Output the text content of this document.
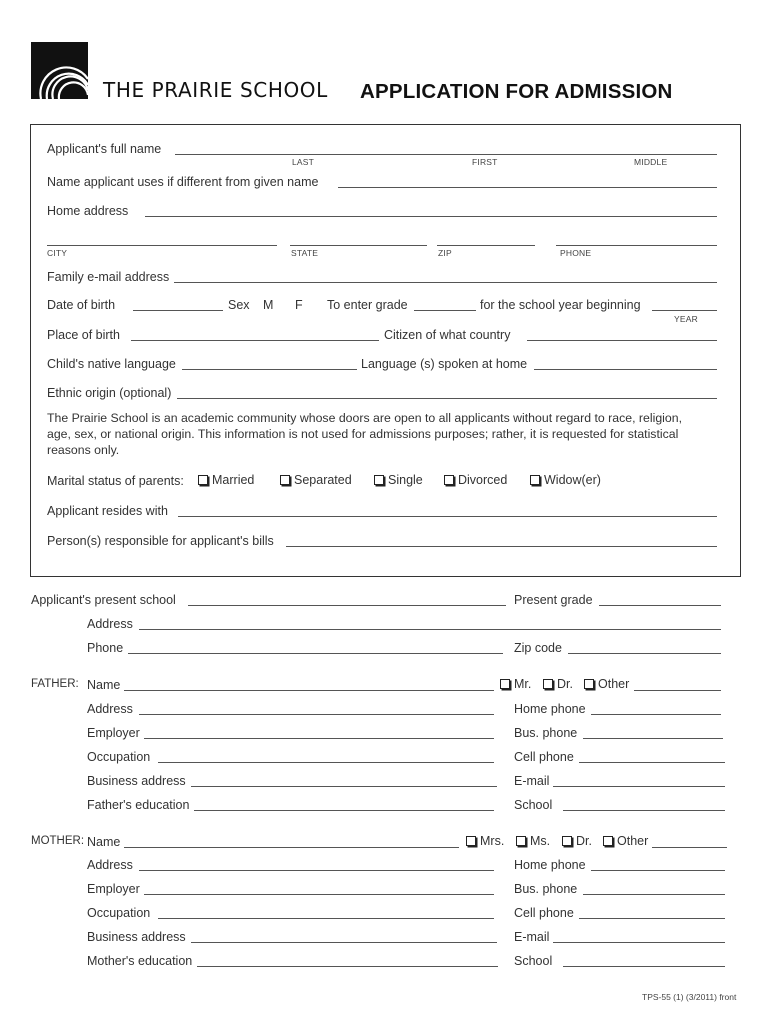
THE PRAIRIE SCHOOL APPLICATION FOR ADMISSION
Applicant's full name
LAST	FIRST	MIDDLE
Name applicant uses if different from given name
Home address
CITY	STATE	ZIP	PHONE
Family e-mail address
Date of birth	Sex M F To enter grade	for the school year beginning
YEAR
Place of birth	Citizen of what country
Child's native language	Language (s) spoken at home
Ethnic origin (optional)
The Prairie School is an academic community whose doors are open to all applicants without regard to race, religion, age, sex, or national origin. This information is not used for admissions purposes; rather, it is requested for statistical reasons only.
Marital status of parents:	Married	Separated	Single	Divorced	Widow(er)
Applicant resides with
Person(s) responsible for applicant's bills
Applicant's present school	Present grade
Address
Phone	Zip code
FATHER: Name	Mr.	Dr.	Other
Address	Home phone
Employer	Bus. phone
Occupation	Cell phone
Business address	E-mail
Father's education	School
MOTHER: Name	Mrs.	Ms.	Dr.	Other
Address	Home phone
Employer	Bus. phone
Occupation	Cell phone
Business address	E-mail
Mother's education	School
TPS-55 (1) (3/2011) front
